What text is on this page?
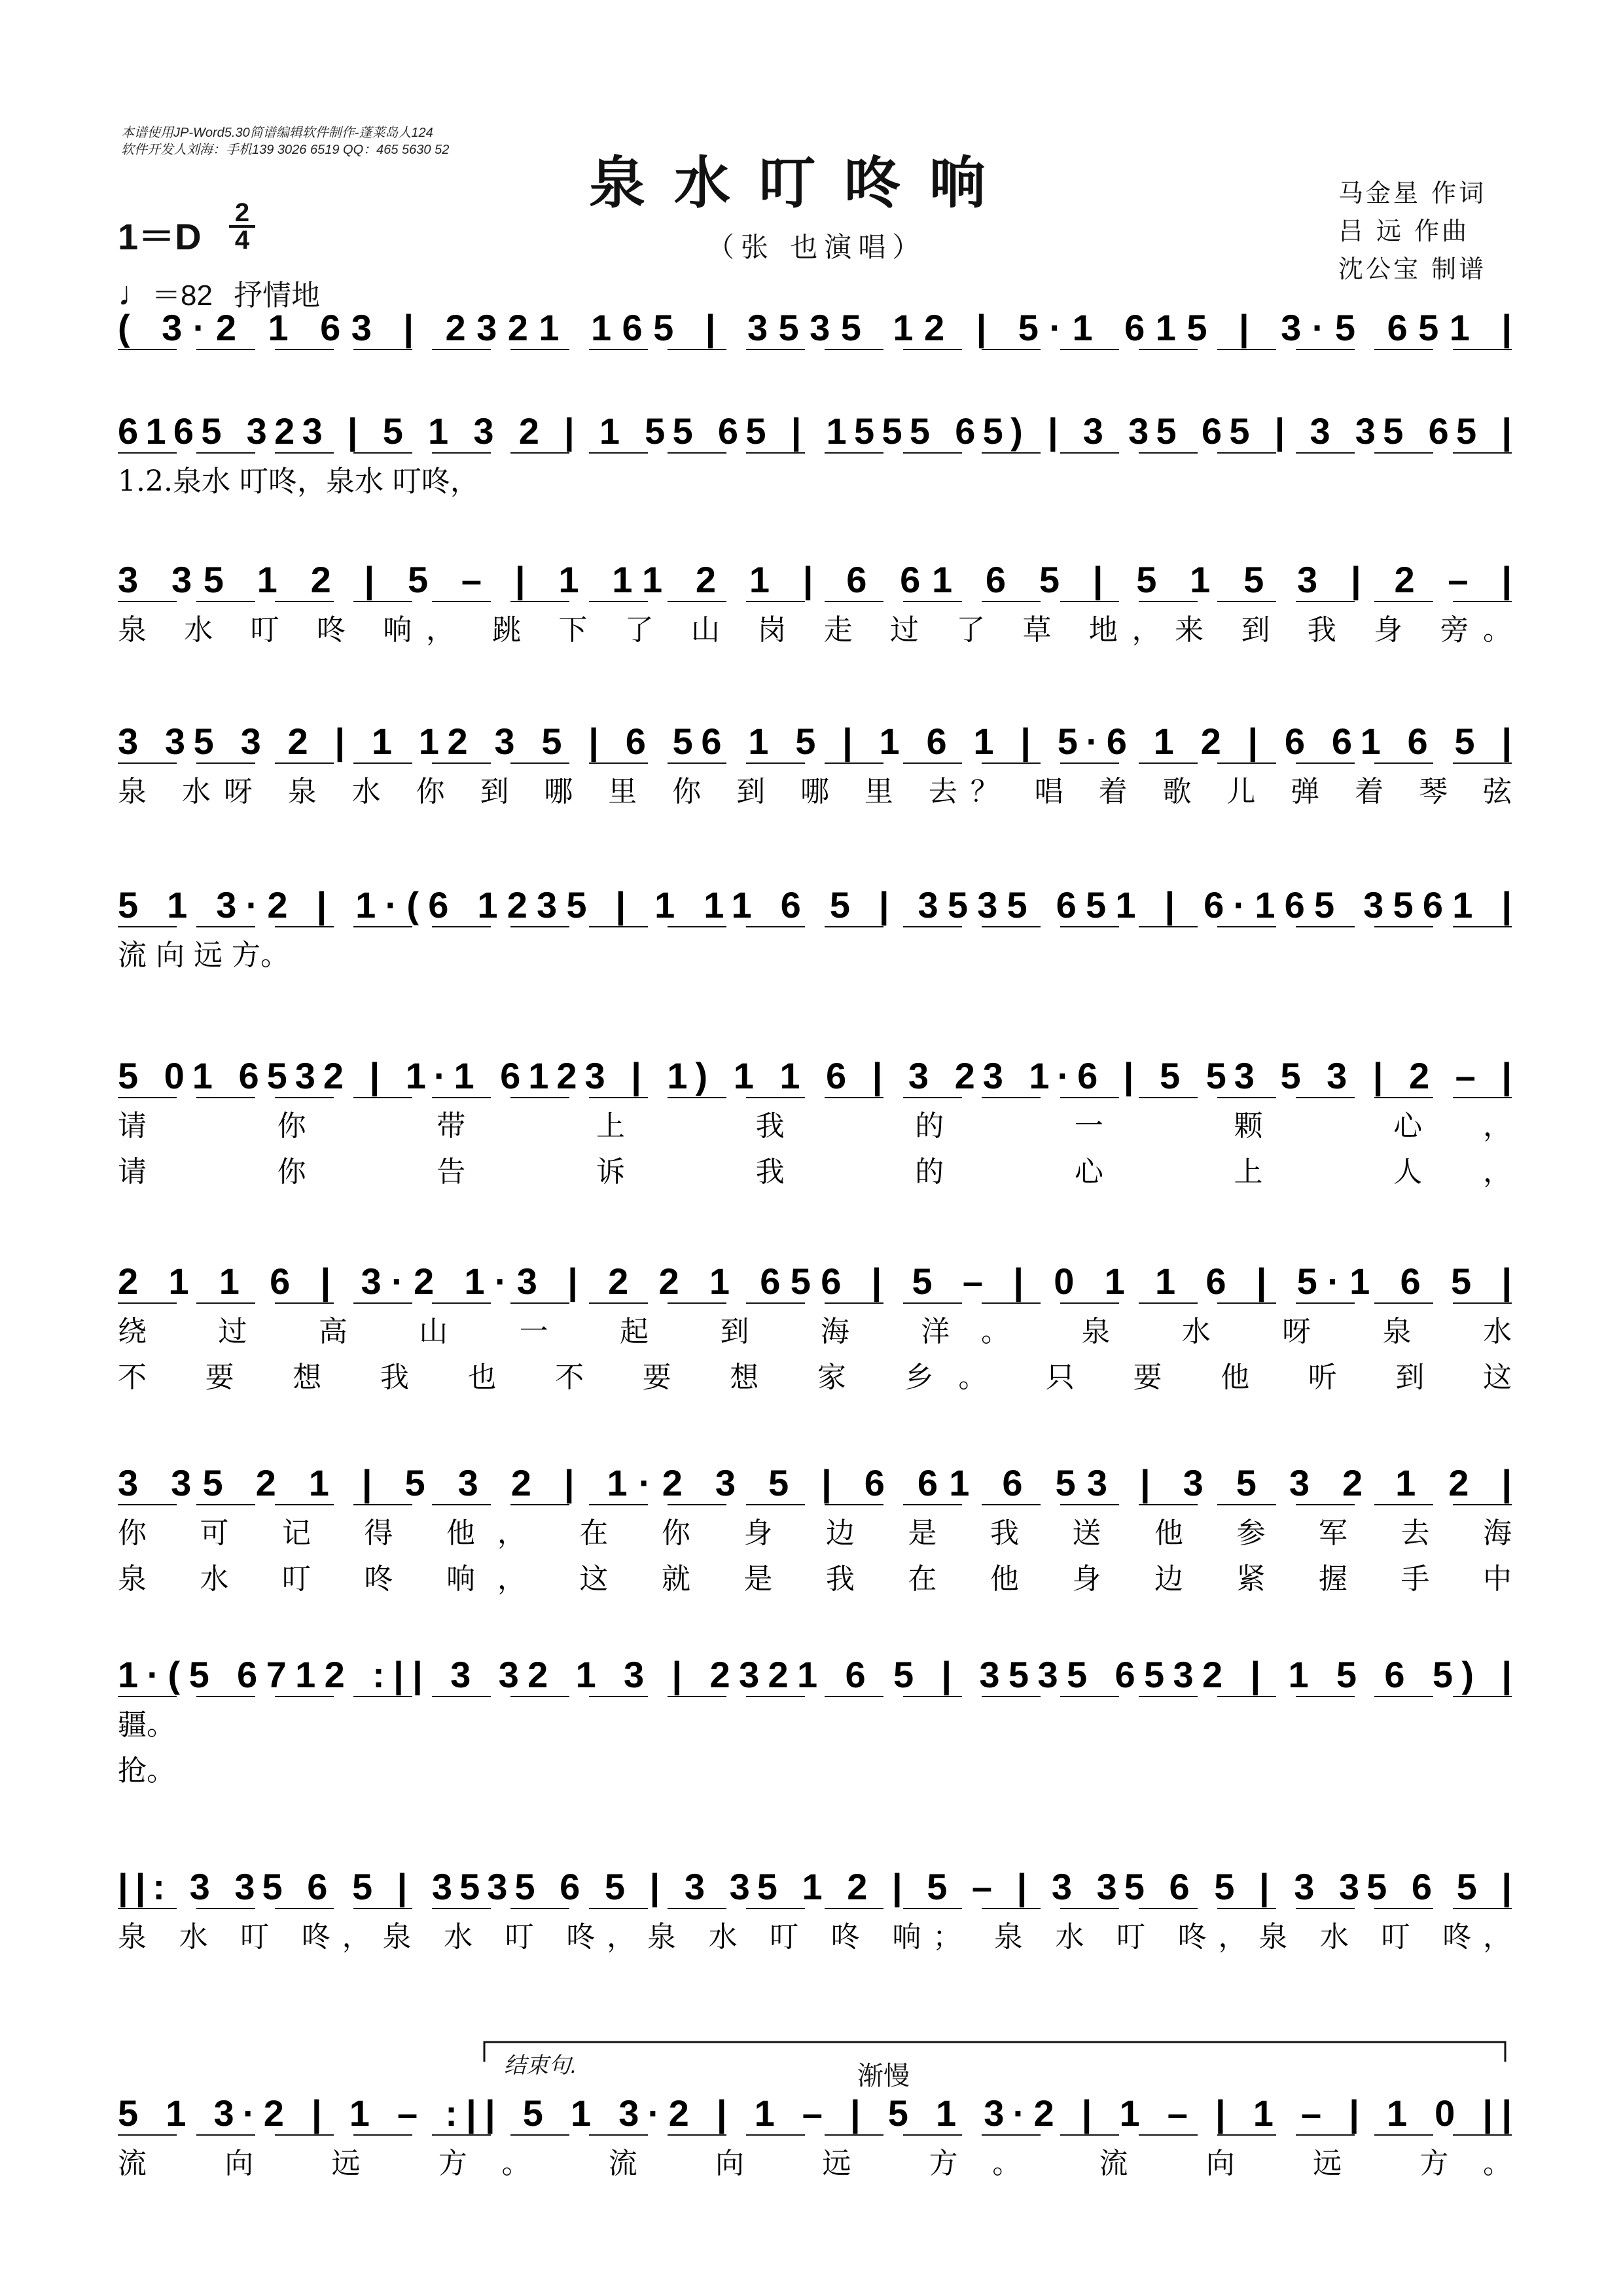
本谱使用JP-Word5.30简谱编辑软件制作-蓬莱岛人124
软件开发人刘海：手机139 3026 6519 QQ：465 5630 52 泉水叮咚响
（张 也演唱）
马金星 作词
吕 远 作曲
沈公宝 制谱
1＝D
2
4
♩＝82 抒情地
( 3·2 1 63 | 2321 165 | 3535 12 | 5·1 615 | 3·5 651 |
6165 323 | 5 1 3 2 | 1 55 65 | 1555 65) | 3 35 65 | 3 35 65 |
1.2.泉水 叮咚，泉水 叮咚，
3 35 1 2 | 5 – | 1 11 2 1 | 6 61 6 5 | 5 1 5 3 | 2 – |
泉 水 叮 咚 响， 跳 下 了 山 岗 走 过 了 草 地，来 到 我 身 旁。
3 35 3 2 | 1 12 3 5 | 6 56 1 5 | 1 6 1 | 5·6 1 2 | 6 61 6 5 |
泉 水呀 泉 水 你 到 哪 里 你 到 哪 里 去？ 唱 着 歌 儿 弹 着 琴 弦
5 1 3·2 | 1·(6 1235 | 1 11 6 5 | 3535 651 | 6·165 3561 |
流 向 远 方。
5 01 6532 | 1·1 6123 | 1) 1 1 6 | 3 23 1·6 | 5 53 5 3 | 2 – |
请 你 带 上 我 的 一 颗 心，
请 你 告 诉 我 的 心 上 人，
2 1 1 6 | 3·2 1·3 | 2 2 1 656 | 5 – | 0 1 1 6 | 5·1 6 5 |
绕 过 高 山 一 起 到 海 洋。 泉 水 呀 泉 水
不 要 想 我 也 不 要 想 家 乡。 只 要 他 听 到 这
3 35 2 1 | 5 3 2 | 1·2 3 5 | 6 61 6 53 | 3 5 3 2 1 2 |
你 可 记 得 他， 在 你 身 边 是 我 送 他 参 军 去 海
泉 水 叮 咚 响， 这 就 是 我 在 他 身 边 紧 握 手 中
1·(5 6712 :|| 3 32 1 3 | 2321 6 5 | 3535 6532 | 1 5 6 5) |
疆。
抢。
||: 3 35 6 5 | 3535 6 5 | 3 35 1 2 | 5 – | 3 35 6 5 | 3 35 6 5 |
泉 水 叮 咚，泉 水 叮 咚，泉 水 叮 咚 响； 泉 水 叮 咚，泉 水 叮 咚，
5 1 3·2 | 1 – :|| 5 1 3·2 | 1 – | 5 1 3·2 | 1 – | 1 – | 1 0 ||
流 向 远 方。 流 向 远 方。 流 向 远 方。
结束句.	渐慢
